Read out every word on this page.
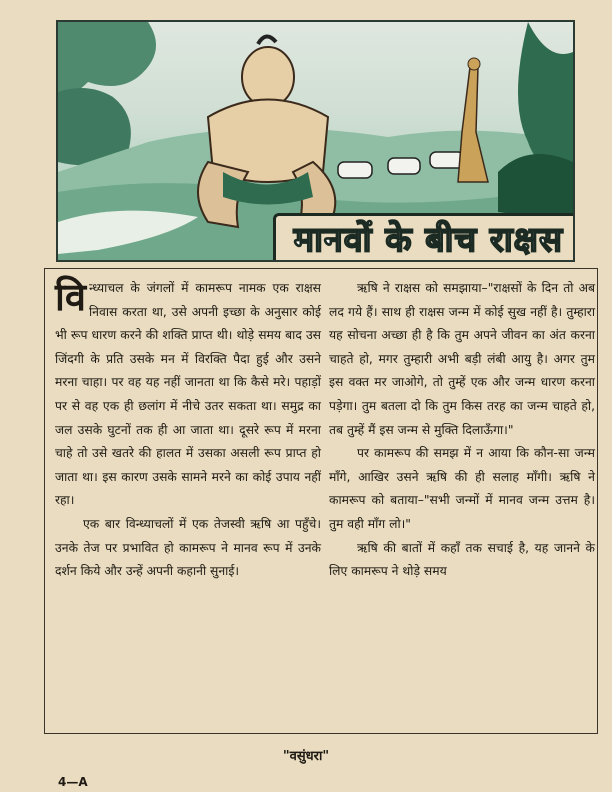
मानवों के बीच राक्षस

विन्ध्याचल के जंगलों में कामरूप नामक एक राक्षस निवास करता था, उसे अपनी इच्छा के अनुसार कोई भी रूप धारण करने की शक्ति प्राप्त थी। थोड़े समय बाद उस जिंदगी के प्रति उसके मन में विरक्ति पैदा हुई और उसने मरना चाहा। पर वह यह नहीं जानता था कि कैसे मरे। पहाड़ों पर से वह एक ही छलांग में नीचे उतर सकता था। समुद्र का जल उसके घुटनों तक ही आ जाता था। दूसरे रूप में मरना चाहे तो उसे खतरे की हालत में उसका असली रूप प्राप्त हो जाता था। इस कारण उसके सामने मरने का कोई उपाय नहीं रहा।

एक बार विन्ध्याचलों में एक तेजस्वी ऋषि आ पहुँचे। उनके तेज पर प्रभावित हो कामरूप ने मानव रूप में उनके दर्शन किये और उन्हें अपनी कहानी सुनाई।

ऋषि ने राक्षस को समझाया–"राक्षसों के दिन तो अब लद गये हैं। साथ ही राक्षस जन्म में कोई सुख नहीं है। तुम्हारा यह सोचना अच्छा ही है कि तुम अपने जीवन का अंत करना चाहते हो, मगर तुम्हारी अभी बड़ी लंबी आयु है। अगर तुम इस वक्त मर जाओगे, तो तुम्हें एक और जन्म धारण करना पड़ेगा। तुम बतला दो कि तुम किस तरह का जन्म चाहते हो, तब तुम्हें मैं इस जन्म से मुक्ति दिलाऊँगा।"

पर कामरूप की समझ में न आया कि कौन-सा जन्म माँगे, आखिर उसने ऋषि की ही सलाह माँगी। ऋषि ने कामरूप को बताया–"सभी जन्मों में मानव जन्म उत्तम है। तुम वही माँग लो।"

ऋषि की बातों में कहाँ तक सचाई है, यह जानने के लिए कामरूप ने थोड़े समय

"वसुंधरा"
4—A
